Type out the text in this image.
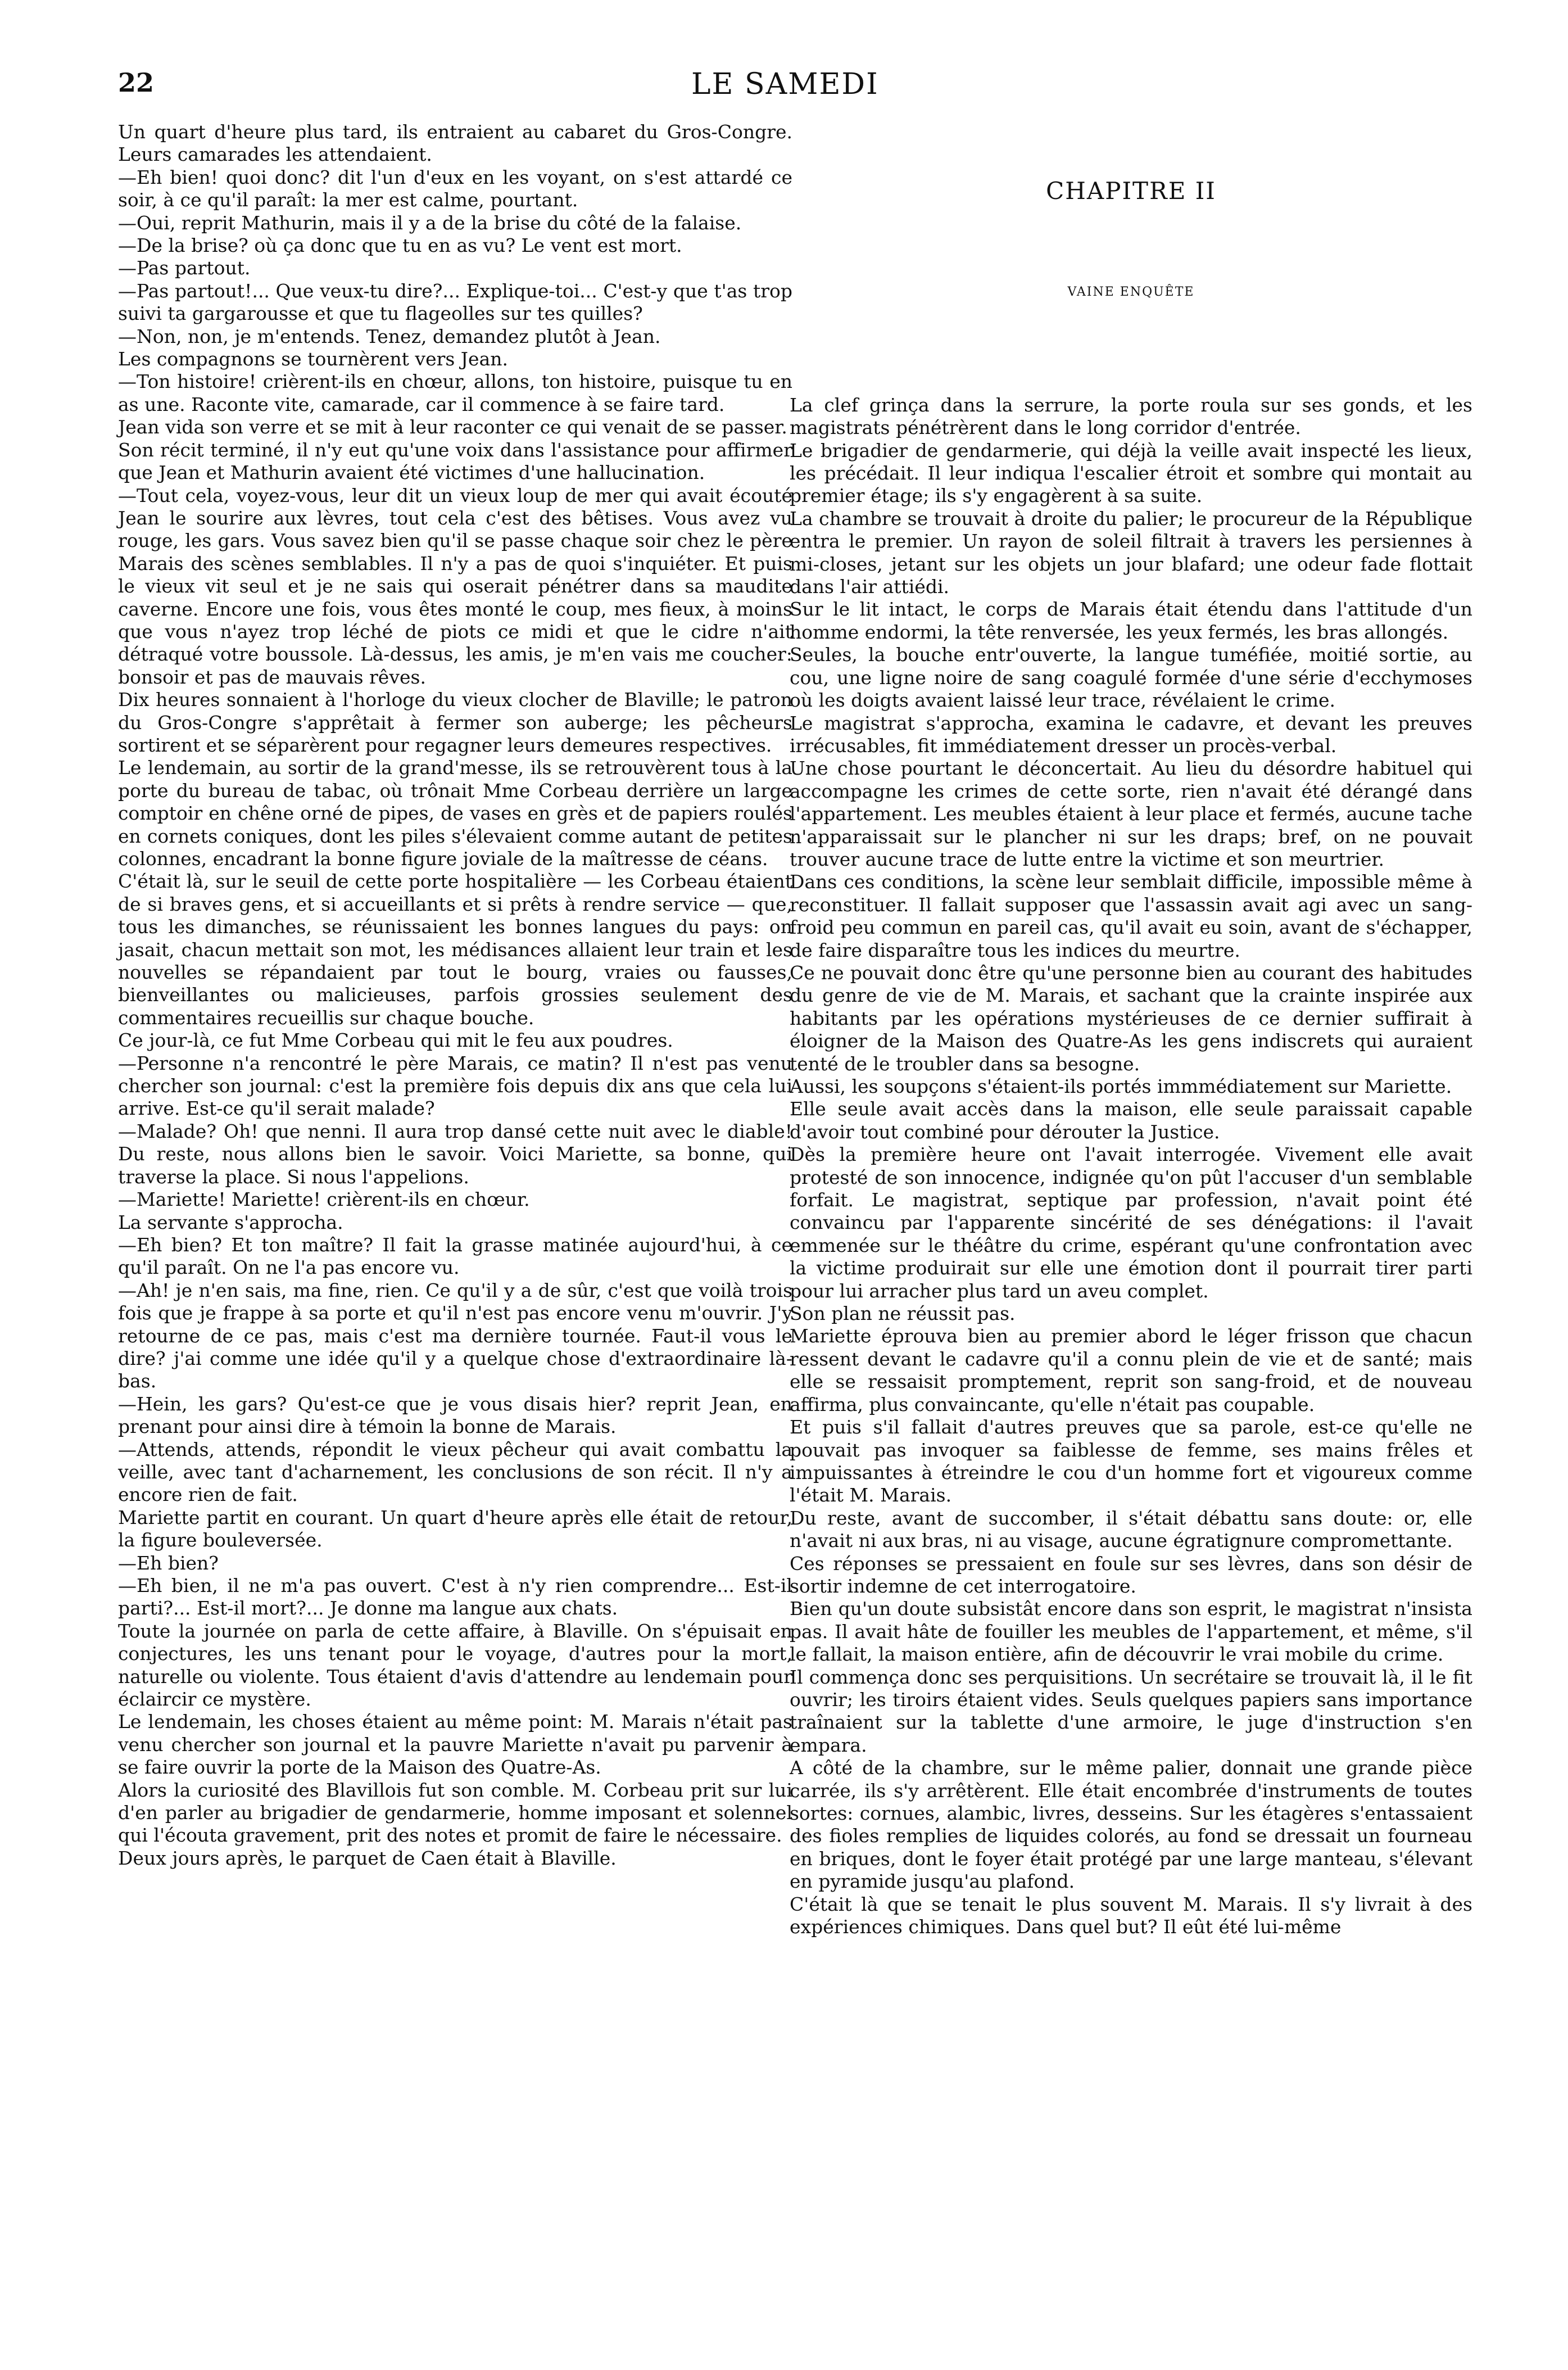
22	LE SAMEDI

Un quart d'heure plus tard, ils entraient au cabaret du Gros-Congre. Leurs camarades les attendaient.

—Eh bien! quoi donc? dit l'un d'eux en les voyant, on s'est attardé ce soir, à ce qu'il paraît: la mer est calme, pourtant.

—Oui, reprit Mathurin, mais il y a de la brise du côté de la falaise.

—De la brise? où ça donc que tu en as vu? Le vent est mort.

—Pas partout.

—Pas partout!... Que veux-tu dire?... Explique-toi... C'est-y que t'as trop suivi ta gargarousse et que tu flageolles sur tes quilles?

—Non, non, je m'entends. Tenez, demandez plutôt à Jean.

Les compagnons se tournèrent vers Jean.

—Ton histoire! crièrent-ils en chœur, allons, ton histoire, puisque tu en as une. Raconte vite, camarade, car il commence à se faire tard.

Jean vida son verre et se mit à leur raconter ce qui venait de se passer.

Son récit terminé, il n'y eut qu'une voix dans l'assistance pour affirmer que Jean et Mathurin avaient été victimes d'une hallucination.

—Tout cela, voyez-vous, leur dit un vieux loup de mer qui avait écouté Jean le sourire aux lèvres, tout cela c'est des bêtises. Vous avez vu rouge, les gars. Vous savez bien qu'il se passe chaque soir chez le père Marais des scènes semblables. Il n'y a pas de quoi s'inquiéter. Et puis le vieux vit seul et je ne sais qui oserait pénétrer dans sa maudite caverne. Encore une fois, vous êtes monté le coup, mes fieux, à moins que vous n'ayez trop léché de piots ce midi et que le cidre n'ait détraqué votre boussole. Là-dessus, les amis, je m'en vais me coucher: bonsoir et pas de mauvais rêves.

Dix heures sonnaient à l'horloge du vieux clocher de Blaville; le patron du Gros-Congre s'apprêtait à fermer son auberge; les pêcheurs sortirent et se séparèrent pour regagner leurs demeures respectives.

Le lendemain, au sortir de la grand'messe, ils se retrouvèrent tous à la porte du bureau de tabac, où trônait Mme Corbeau derrière un large comptoir en chêne orné de pipes, de vases en grès et de papiers roulés en cornets coniques, dont les piles s'élevaient comme autant de petites colonnes, encadrant la bonne figure joviale de la maîtresse de céans.

C'était là, sur le seuil de cette porte hospitalière — les Corbeau étaient de si braves gens, et si accueillants et si prêts à rendre service — que, tous les dimanches, se réunissaient les bonnes langues du pays: on jasait, chacun mettait son mot, les médisances allaient leur train et les nouvelles se répandaient par tout le bourg, vraies ou fausses, bienveillantes ou malicieuses, parfois grossies seulement des commentaires recueillis sur chaque bouche.

Ce jour-là, ce fut Mme Corbeau qui mit le feu aux poudres.

—Personne n'a rencontré le père Marais, ce matin? Il n'est pas venu chercher son journal: c'est la première fois depuis dix ans que cela lui arrive. Est-ce qu'il serait malade?

—Malade? Oh! que nenni. Il aura trop dansé cette nuit avec le diable! Du reste, nous allons bien le savoir. Voici Mariette, sa bonne, qui traverse la place. Si nous l'appelions.

—Mariette! Mariette! crièrent-ils en chœur.

La servante s'approcha.

—Eh bien? Et ton maître? Il fait la grasse matinée aujourd'hui, à ce qu'il paraît. On ne l'a pas encore vu.

—Ah! je n'en sais, ma fine, rien. Ce qu'il y a de sûr, c'est que voilà trois fois que je frappe à sa porte et qu'il n'est pas encore venu m'ouvrir. J'y retourne de ce pas, mais c'est ma dernière tournée. Faut-il vous le dire? j'ai comme une idée qu'il y a quelque chose d'extraordinaire là-bas.

—Hein, les gars? Qu'est-ce que je vous disais hier? reprit Jean, en prenant pour ainsi dire à témoin la bonne de Marais.

—Attends, attends, répondit le vieux pêcheur qui avait combattu la veille, avec tant d'acharnement, les conclusions de son récit. Il n'y a encore rien de fait.

Mariette partit en courant. Un quart d'heure après elle était de retour, la figure bouleversée.

—Eh bien?

—Eh bien, il ne m'a pas ouvert. C'est à n'y rien comprendre... Est-il parti?... Est-il mort?... Je donne ma langue aux chats.

Toute la journée on parla de cette affaire, à Blaville. On s'épuisait en conjectures, les uns tenant pour le voyage, d'autres pour la mort, naturelle ou violente. Tous étaient d'avis d'attendre au lendemain pour éclaircir ce mystère.

Le lendemain, les choses étaient au même point: M. Marais n'était pas venu chercher son journal et la pauvre Mariette n'avait pu parvenir à se faire ouvrir la porte de la Maison des Quatre-As.

Alors la curiosité des Blavillois fut son comble. M. Corbeau prit sur lui d'en parler au brigadier de gendarmerie, homme imposant et solennel qui l'écouta gravement, prit des notes et promit de faire le nécessaire.

Deux jours après, le parquet de Caen était à Blaville.

CHAPITRE II
VAINE ENQUÊTE

La clef grinça dans la serrure, la porte roula sur ses gonds, et les magistrats pénétrèrent dans le long corridor d'entrée.

Le brigadier de gendarmerie, qui déjà la veille avait inspecté les lieux, les précédait. Il leur indiqua l'escalier étroit et sombre qui montait au premier étage; ils s'y engagèrent à sa suite.

La chambre se trouvait à droite du palier; le procureur de la République entra le premier. Un rayon de soleil filtrait à travers les persiennes à mi-closes, jetant sur les objets un jour blafard; une odeur fade flottait dans l'air attiédi.

Sur le lit intact, le corps de Marais était étendu dans l'attitude d'un homme endormi, la tête renversée, les yeux fermés, les bras allongés.

Seules, la bouche entr'ouverte, la langue tuméfiée, moitié sortie, au cou, une ligne noire de sang coagulé formée d'une série d'ecchymoses où les doigts avaient laissé leur trace, révélaient le crime.

Le magistrat s'approcha, examina le cadavre, et devant les preuves irrécusables, fit immédiatement dresser un procès-verbal.

Une chose pourtant le déconcertait. Au lieu du désordre habituel qui accompagne les crimes de cette sorte, rien n'avait été dérangé dans l'appartement. Les meubles étaient à leur place et fermés, aucune tache n'apparaissait sur le plancher ni sur les draps; bref, on ne pouvait trouver aucune trace de lutte entre la victime et son meurtrier.

Dans ces conditions, la scène leur semblait difficile, impossible même à reconstituer. Il fallait supposer que l'assassin avait agi avec un sang-froid peu commun en pareil cas, qu'il avait eu soin, avant de s'échapper, de faire disparaître tous les indices du meurtre.

Ce ne pouvait donc être qu'une personne bien au courant des habitudes du genre de vie de M. Marais, et sachant que la crainte inspirée aux habitants par les opérations mystérieuses de ce dernier suffirait à éloigner de la Maison des Quatre-As les gens indiscrets qui auraient tenté de le troubler dans sa besogne.

Aussi, les soupçons s'étaient-ils portés immmédiatement sur Mariette.

Elle seule avait accès dans la maison, elle seule paraissait capable d'avoir tout combiné pour dérouter la Justice.

Dès la première heure ont l'avait interrogée. Vivement elle avait protesté de son innocence, indignée qu'on pût l'accuser d'un semblable forfait. Le magistrat, septique par profession, n'avait point été convaincu par l'apparente sincérité de ses dénégations: il l'avait emmenée sur le théâtre du crime, espérant qu'une confrontation avec la victime produirait sur elle une émotion dont il pourrait tirer parti pour lui arracher plus tard un aveu complet.

Son plan ne réussit pas.

Mariette éprouva bien au premier abord le léger frisson que chacun ressent devant le cadavre qu'il a connu plein de vie et de santé; mais elle se ressaisit promptement, reprit son sang-froid, et de nouveau affirma, plus convaincante, qu'elle n'était pas coupable.

Et puis s'il fallait d'autres preuves que sa parole, est-ce qu'elle ne pouvait pas invoquer sa faiblesse de femme, ses mains frêles et impuissantes à étreindre le cou d'un homme fort et vigoureux comme l'était M. Marais.

Du reste, avant de succomber, il s'était débattu sans doute: or, elle n'avait ni aux bras, ni au visage, aucune égratignure compromettante.

Ces réponses se pressaient en foule sur ses lèvres, dans son désir de sortir indemne de cet interrogatoire.

Bien qu'un doute subsistât encore dans son esprit, le magistrat n'insista pas. Il avait hâte de fouiller les meubles de l'appartement, et même, s'il le fallait, la maison entière, afin de découvrir le vrai mobile du crime.

Il commença donc ses perquisitions. Un secrétaire se trouvait là, il le fit ouvrir; les tiroirs étaient vides. Seuls quelques papiers sans importance traînaient sur la tablette d'une armoire, le juge d'instruction s'en empara.

A côté de la chambre, sur le même palier, donnait une grande pièce carrée, ils s'y arrêtèrent. Elle était encombrée d'instruments de toutes sortes: cornues, alambic, livres, desseins. Sur les étagères s'entassaient des fioles remplies de liquides colorés, au fond se dressait un fourneau en briques, dont le foyer était protégé par une large manteau, s'élevant en pyramide jusqu'au plafond.

C'était là que se tenait le plus souvent M. Marais. Il s'y livrait à des expériences chimiques. Dans quel but? Il eût été lui-même
